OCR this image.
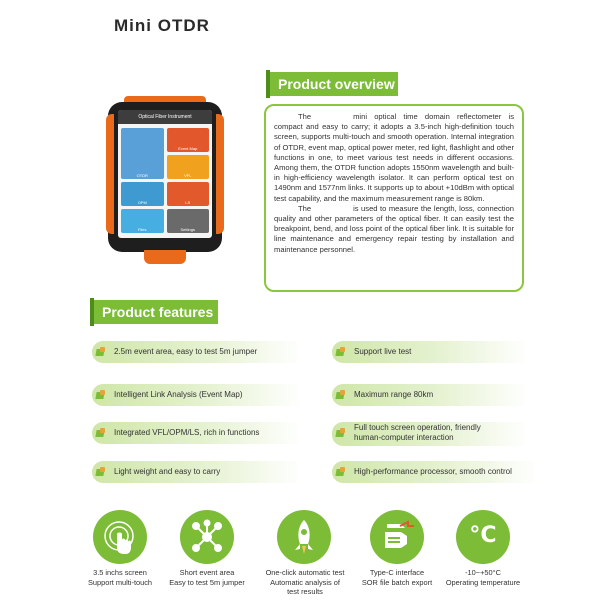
Mini OTDR
Optical Fiber Instrument
OTDR
Event Map
VFL
OPM	LS
Files	Settings
Product overview

The	mini optical time domain reflectometer is compact and easy to carry; it adopts a 3.5-inch high-definition touch screen, supports multi-touch and smooth operation. Internal integration of OTDR, event map, optical power meter, red light, flashlight and other functions in one, to meet various test needs in different occasions. Among them, the OTDR function adopts 1550nm wavelength and built-in high-efficiency wavelength isolator. It can perform optical test on 1490nm and 1577nm links. It supports up to about +10dBm with optical test capability, and the maximum measurement range is 80km.

The	is used to measure the length, loss, connection quality and other parameters of the optical fiber. It can easily test the breakpoint, bend, and loss point of the optical fiber link. It is suitable for line maintenance and emergency repair testing by installation and maintenance personnel.

Product features
2.5m event area, easy to test 5m jumper
Intelligent Link Analysis (Event Map)
Integrated VFL/OPM/LS, rich in functions
Light weight and easy to carry
Support live test
Maximum range 80km
Full touch screen operation, friendly
human-computer interaction
High-performance processor, smooth control
°C
3.5 inchs screen
Support multi-touch
Short event area
Easy to test 5m jumper
One-click automatic test
Automatic analysis of test results
Type-C interface
SOR file batch export
-10~+50°C
Operating temperature
